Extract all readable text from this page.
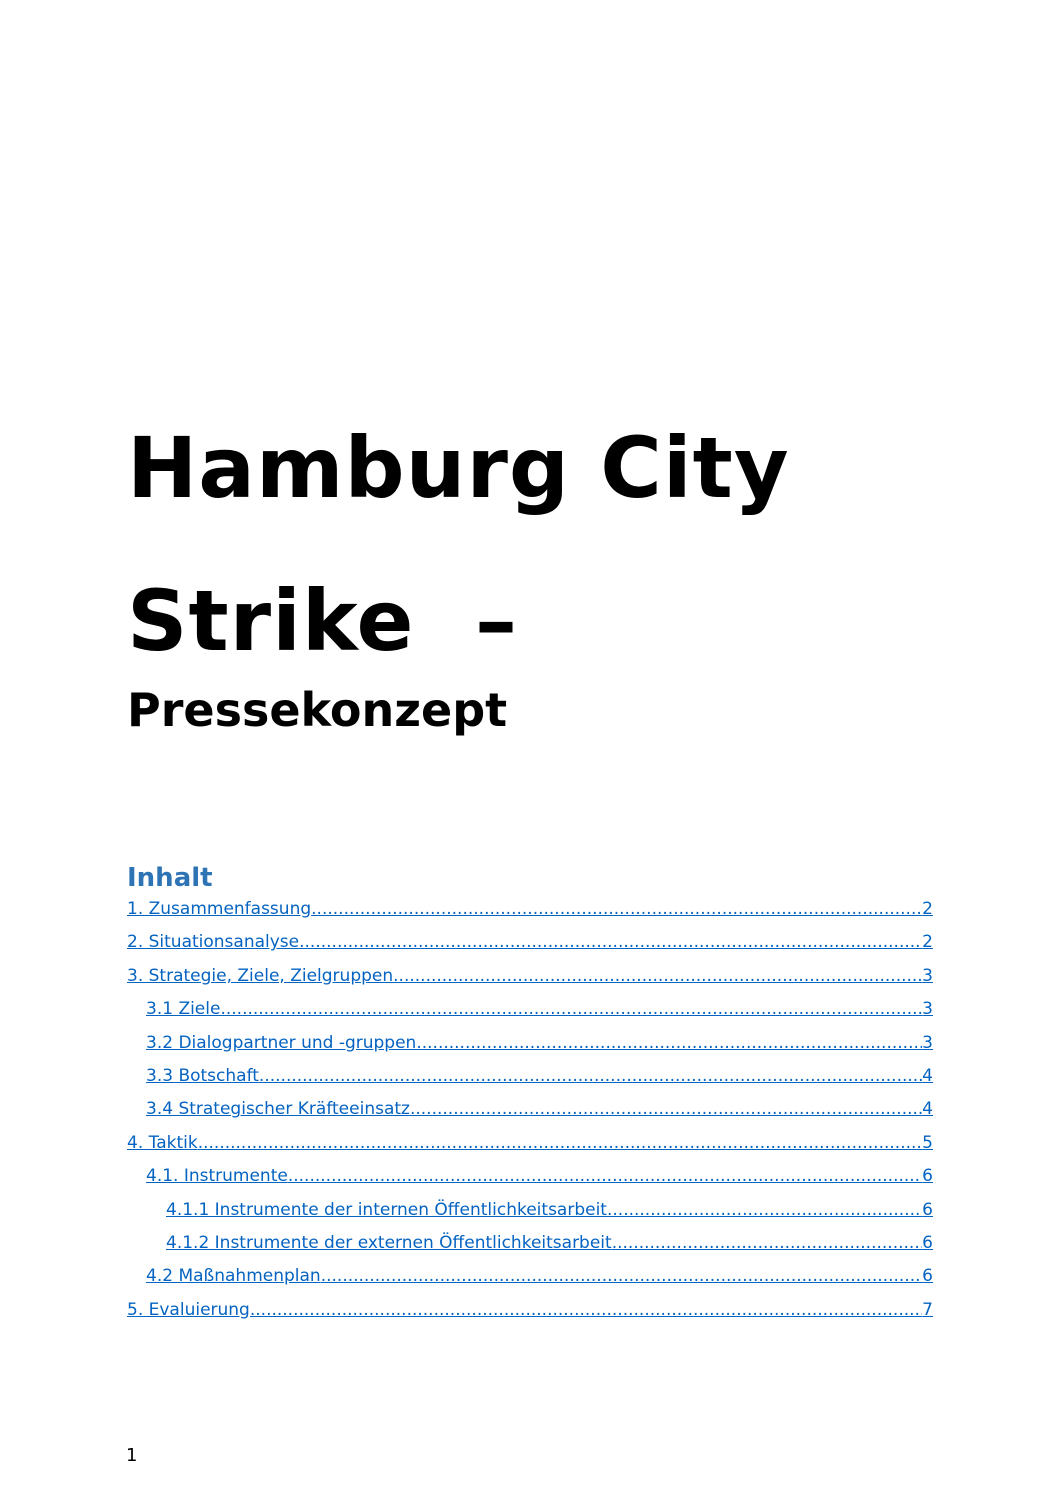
Hamburg City
Strike  –
Pressekonzept
Inhalt
1. Zusammenfassung .....	2
2. Situationsanalyse .....	2
3. Strategie, Ziele, Zielgruppen .....	3
3.1 Ziele .....	3
3.2 Dialogpartner und -gruppen .....	3
3.3 Botschaft .....	4
3.4 Strategischer Kräfteeinsatz .....	4
4. Taktik .....	5
4.1. Instrumente .....	6
4.1.1 Instrumente der internen Öffentlichkeitsarbeit .....	6
4.1.2 Instrumente der externen Öffentlichkeitsarbeit .....	6
4.2 Maßnahmenplan .....	6
5. Evaluierung .....	7

1
